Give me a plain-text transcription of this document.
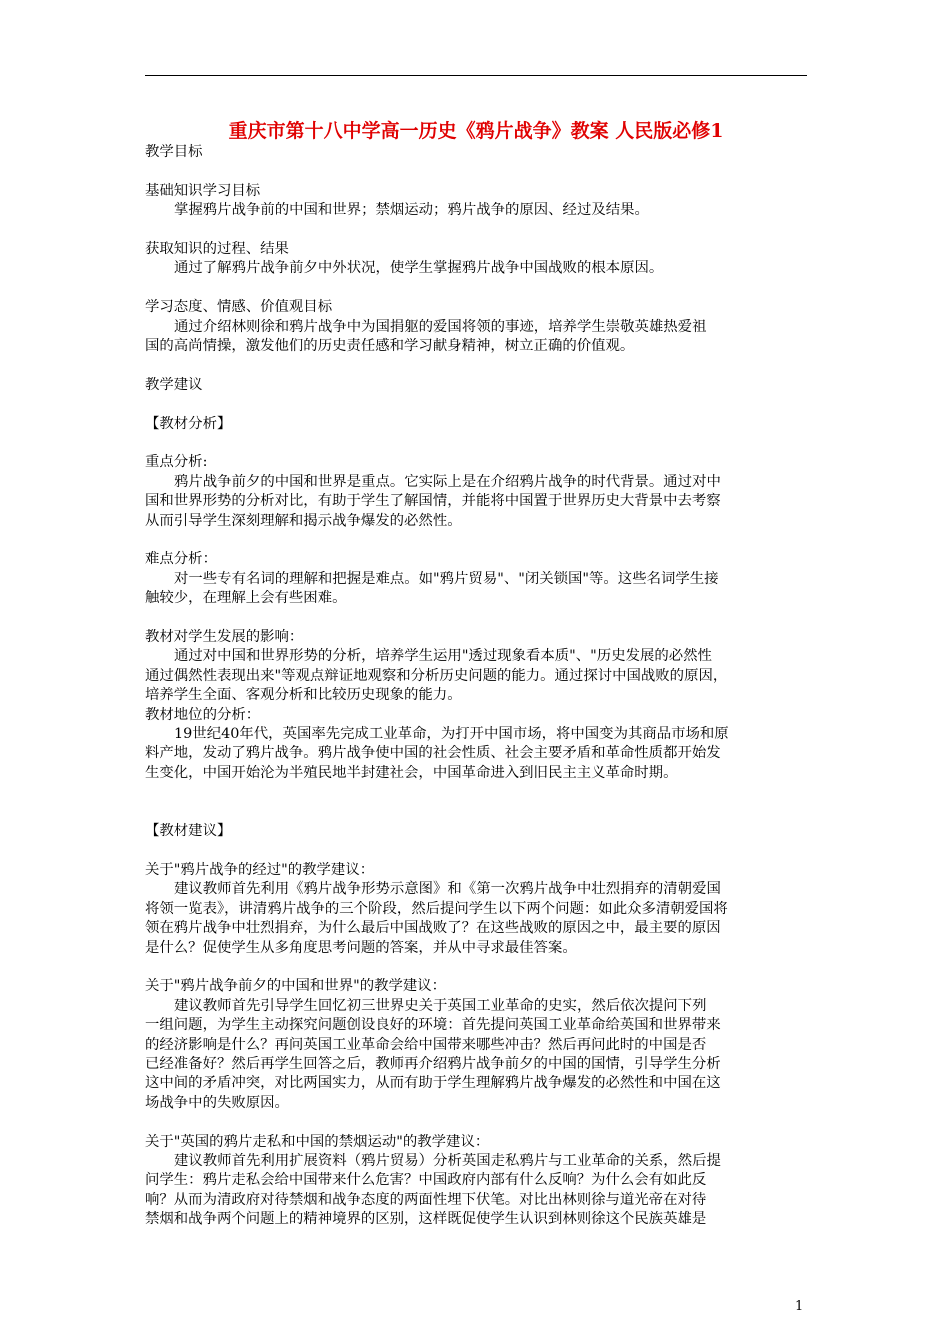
重庆市第十八中学高一历史《鸦片战争》教案 人民版必修1
教学目标
基础知识学习目标
掌握鸦片战争前的中国和世界；禁烟运动；鸦片战争的原因、经过及结果。
获取知识的过程、结果
通过了解鸦片战争前夕中外状况，使学生掌握鸦片战争中国战败的根本原因。
学习态度、情感、价值观目标
通过介绍林则徐和鸦片战争中为国捐躯的爱国将领的事迹，培养学生崇敬英雄热爱祖
国的高尚情操，激发他们的历史责任感和学习献身精神，树立正确的价值观。
教学建议
【教材分析】
重点分析:
鸦片战争前夕的中国和世界是重点。它实际上是在介绍鸦片战争的时代背景。通过对中
国和世界形势的分析对比，有助于学生了解国情，并能将中国置于世界历史大背景中去考察
从而引导学生深刻理解和揭示战争爆发的必然性。
难点分析：
对一些专有名词的理解和把握是难点。如"鸦片贸易"、"闭关锁国"等。这些名词学生接
触较少，在理解上会有些困难。
教材对学生发展的影响：
通过对中国和世界形势的分析，培养学生运用"透过现象看本质"、"历史发展的必然性
通过偶然性表现出来"等观点辩证地观察和分析历史问题的能力。通过探讨中国战败的原因，
培养学生全面、客观分析和比较历史现象的能力。
教材地位的分析：
19世纪40年代，英国率先完成工业革命，为打开中国市场，将中国变为其商品市场和原
料产地，发动了鸦片战争。鸦片战争使中国的社会性质、社会主要矛盾和革命性质都开始发
生变化，中国开始沦为半殖民地半封建社会，中国革命进入到旧民主主义革命时期。
【教材建议】
关于"鸦片战争的经过"的教学建议：
建议教师首先利用《鸦片战争形势示意图》和《第一次鸦片战争中壮烈捐弃的清朝爱国
将领一览表》，讲清鸦片战争的三个阶段，然后提问学生以下两个问题：如此众多清朝爱国将
领在鸦片战争中壮烈捐弃，为什么最后中国战败了？在这些战败的原因之中，最主要的原因
是什么？促使学生从多角度思考问题的答案，并从中寻求最佳答案。
关于"鸦片战争前夕的中国和世界"的教学建议：
建议教师首先引导学生回忆初三世界史关于英国工业革命的史实，然后依次提问下列
一组问题，为学生主动探究问题创设良好的环境：首先提问英国工业革命给英国和世界带来
的经济影响是什么？再问英国工业革命会给中国带来哪些冲击？然后再问此时的中国是否
已经准备好？然后再学生回答之后，教师再介绍鸦片战争前夕的中国的国情，引导学生分析
这中间的矛盾冲突，对比两国实力，从而有助于学生理解鸦片战争爆发的必然性和中国在这
场战争中的失败原因。
关于"英国的鸦片走私和中国的禁烟运动"的教学建议：
建议教师首先利用扩展资料（鸦片贸易）分析英国走私鸦片与工业革命的关系，然后提
问学生：鸦片走私会给中国带来什么危害？中国政府内部有什么反响？为什么会有如此反
响？从而为清政府对待禁烟和战争态度的两面性埋下伏笔。对比出林则徐与道光帝在对待
禁烟和战争两个问题上的精神境界的区别，这样既促使学生认识到林则徐这个民族英雄是
1
